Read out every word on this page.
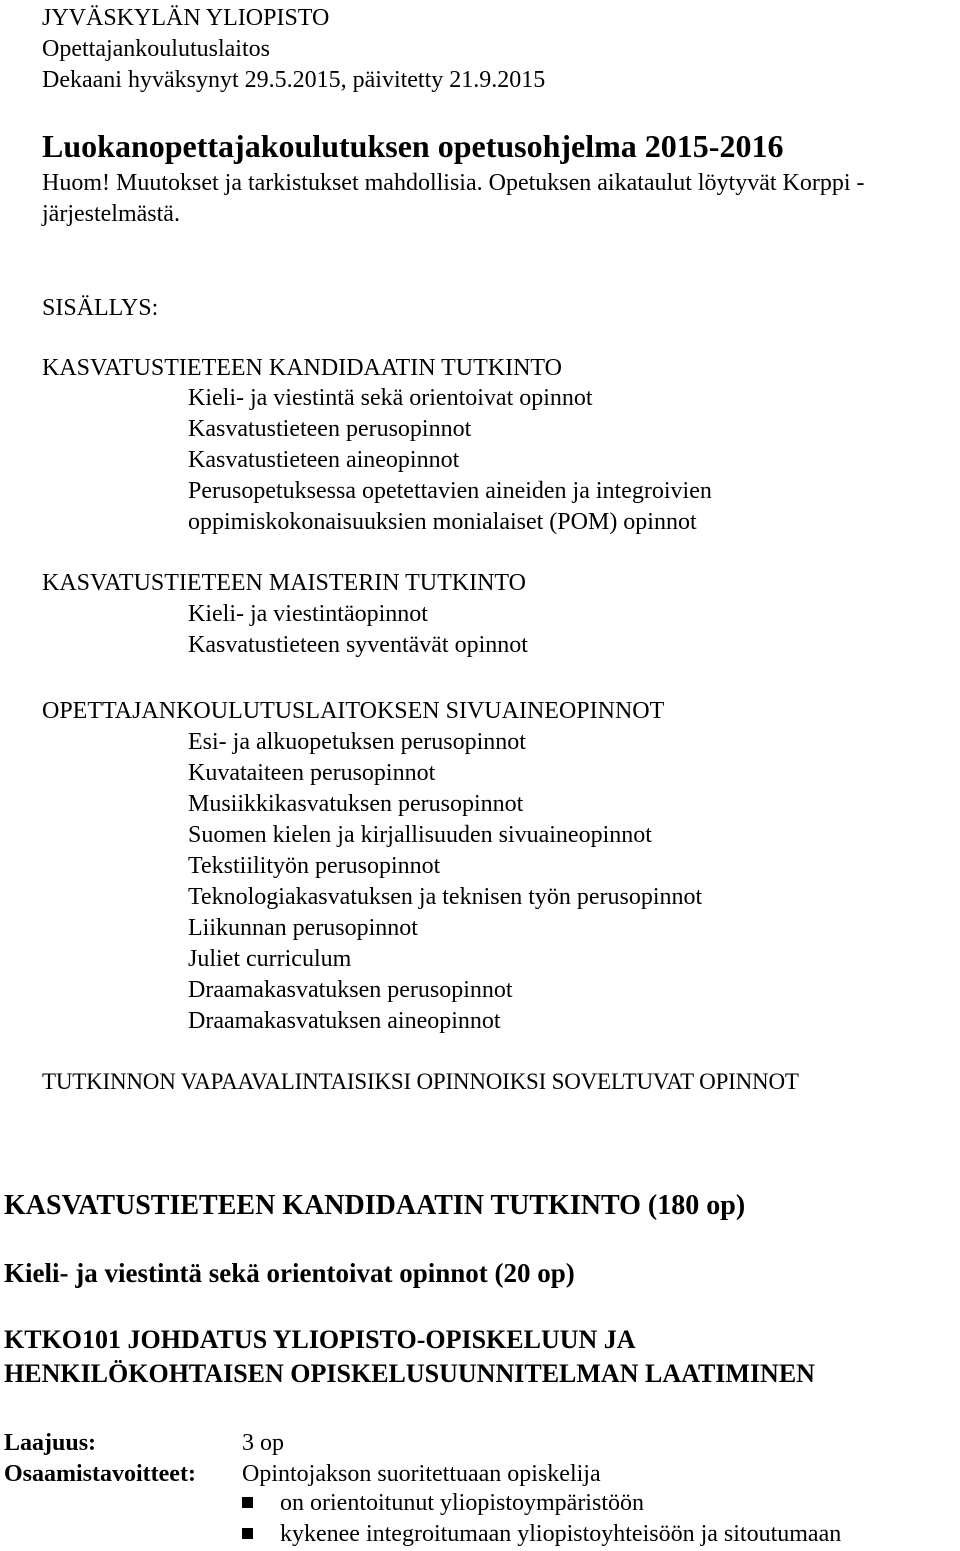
JYVÄSKYLÄN YLIOPISTO
Opettajankoulutuslaitos
Dekaani hyväksynyt 29.5.2015, päivitetty 21.9.2015
Luokanopettajakoulutuksen opetusohjelma 2015-2016
Huom! Muutokset ja tarkistukset mahdollisia. Opetuksen aikataulut löytyvät Korppi -
järjestelmästä.
SISÄLLYS:
KASVATUSTIETEEN KANDIDAATIN TUTKINTO
Kieli- ja viestintä sekä orientoivat opinnot
Kasvatustieteen perusopinnot
Kasvatustieteen aineopinnot
Perusopetuksessa opetettavien aineiden ja integroivien
oppimiskokonaisuuksien monialaiset (POM) opinnot
KASVATUSTIETEEN MAISTERIN TUTKINTO
Kieli- ja viestintäopinnot
Kasvatustieteen syventävät opinnot
OPETTAJANKOULUTUSLAITOKSEN SIVUAINEOPINNOT
Esi- ja alkuopetuksen perusopinnot
Kuvataiteen perusopinnot
Musiikkikasvatuksen perusopinnot
Suomen kielen ja kirjallisuuden sivuaineopinnot
Tekstiilityön perusopinnot
Teknologiakasvatuksen ja teknisen työn perusopinnot
Liikunnan perusopinnot
Juliet curriculum
Draamakasvatuksen perusopinnot
Draamakasvatuksen aineopinnot
TUTKINNON VAPAAVALINTAISIKSI OPINNOIKSI SOVELTUVAT OPINNOT
KASVATUSTIETEEN KANDIDAATIN TUTKINTO (180 op)
Kieli- ja viestintä sekä orientoivat opinnot (20 op)
KTKO101 JOHDATUS YLIOPISTO-OPISKELUUN JA
HENKILÖKOHTAISEN OPISKELUSUUNNITELMAN LAATIMINEN
Laajuus:	3 op
Osaamistavoitteet: Opintojakson suoritettuaan opiskelija
on orientoitunut yliopistoympäristöön
kykenee integroitumaan yliopistoyhteisöön ja sitoutumaan
